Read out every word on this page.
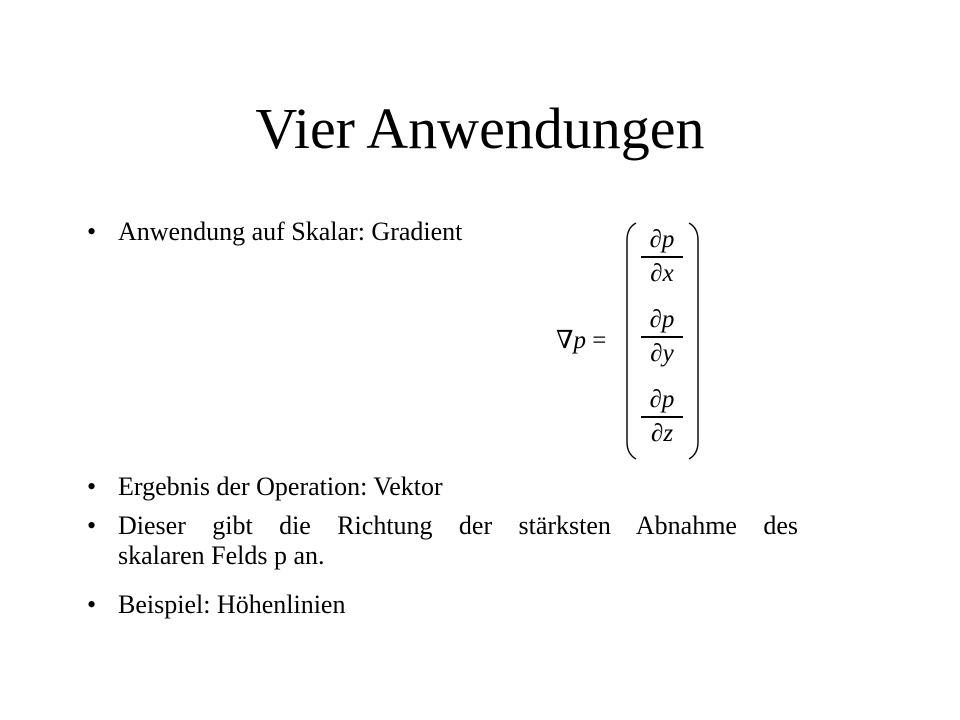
Vier Anwendungen
• Anwendung auf Skalar: Gradient
∇p =
∂p
∂x
∂p
∂y
∂p
∂z
• Ergebnis der Operation: Vektor
• Dieser gibt die Richtung der stärksten Abnahme des
skalaren Felds p an.
• Beispiel: Höhenlinien
